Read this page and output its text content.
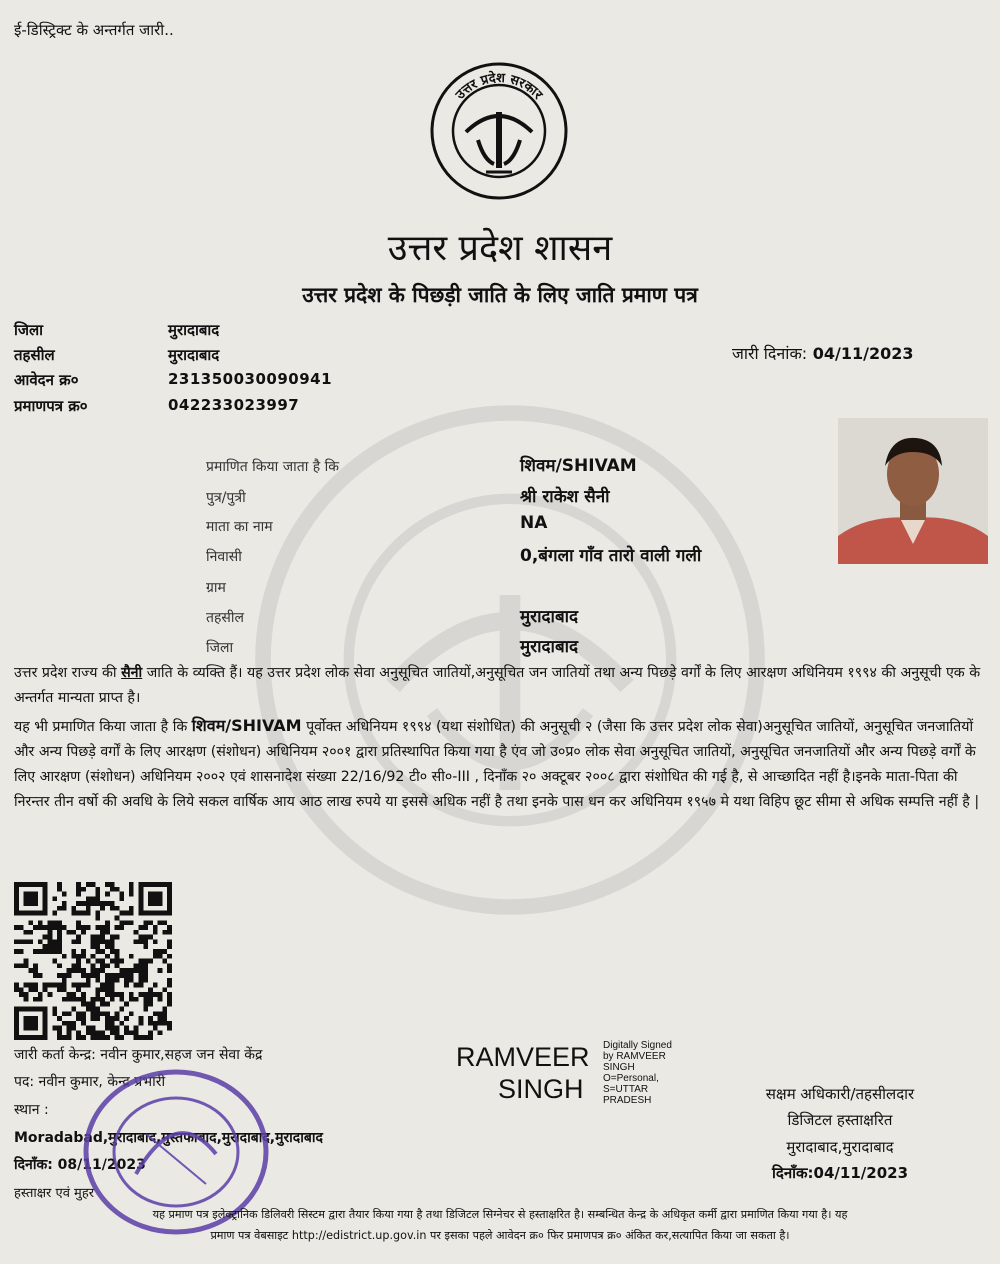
ई-डिस्ट्रिक्ट के अन्तर्गत जारी..
उत्तर प्रदेश सरकार
उत्तर प्रदेश शासन
उत्तर प्रदेश के पिछड़ी जाति के लिए जाति प्रमाण पत्र
जिला	मुरादाबाद
तहसील	मुरादाबाद
आवेदन क्र०	231350030090941
प्रमाणपत्र क्र०	042233023997
जारी दिनांक: 04/11/2023
प्रमाणित किया जाता है कि	शिवम/SHIVAM
पुत्र/पुत्री	श्री राकेश सैनी
माता का नाम	NA
निवासी	0,बंगला गाँव तारो वाली गली
ग्राम
तहसील	मुरादाबाद
जिला	मुरादाबाद
उत्तर प्रदेश राज्य की सैनी जाति के व्यक्ति हैं। यह उत्तर प्रदेश लोक सेवा अनुसूचित जातियों,अनुसूचित जन जातियों तथा अन्य पिछड़े वर्गों के लिए आरक्षण अधिनियम १९९४ की अनुसूची एक के अन्तर्गत मान्यता प्राप्त है।
यह भी प्रमाणित किया जाता है कि शिवम/SHIVAM पूर्वोक्त अधिनियम १९९४ (यथा संशोधित) की अनुसूची २ (जैसा कि उत्तर प्रदेश लोक सेवा)अनुसूचित जातियों, अनुसूचित जनजातियों और अन्य पिछड़े वर्गों के लिए आरक्षण (संशोधन) अधिनियम २००१ द्वारा प्रतिस्थापित किया गया है एंव जो उ०प्र० लोक सेवा अनुसूचित जातियों, अनुसूचित जनजातियों और अन्य पिछड़े वर्गों के लिए आरक्षण (संशोधन) अधिनियम २००२ एवं शासनादेश संख्या 22/16/92 टी० सी०-III , दिनाँक २० अक्टूबर २००८ द्वारा संशोधित की गई है, से आच्छादित नहीं है।इनके माता-पिता की निरन्तर तीन वर्षो की अवधि के लिये सकल वार्षिक आय आठ लाख रुपये या इससे अधिक नहीं है तथा इनके पास धन कर अधिनियम १९५७ मे यथा विहिप छूट सीमा से अधिक सम्पत्ति नहीं है |
जारी कर्ता केन्द्र: नवीन कुमार,सहज जन सेवा केंद्र
पद: नवीन कुमार, केन्द्र प्रभारी
स्थान :
Moradabad,मुरादाबाद,मुस्तफाबाद,मुरादाबाद,मुरादाबाद
दिनाँक: 08/11/2023
हस्ताक्षर एवं मुहर
RAMVEER
SINGH
Digitally Signed
by RAMVEER
SINGH
O=Personal,
S=UTTAR
PRADESH	सक्षम अधिकारी/तहसीलदार
डिजिटल हस्ताक्षरित
मुरादाबाद,मुरादाबाद
दिनाँक:04/11/2023
यह प्रमाण पत्र इलेक्ट्रानिक डिलिवरी सिस्टम द्वारा तैयार किया गया है तथा डिजिटल सिग्नेचर से हस्ताक्षरित है। सम्बन्धित केन्द्र के अधिकृत कर्मी द्वारा प्रमाणित किया गया है। यह
प्रमाण पत्र वेबसाइट http://edistrict.up.gov.in पर इसका पहले आवेदन क्र० फिर प्रमाणपत्र क्र० अंकित कर,सत्यापित किया जा सकता है।
